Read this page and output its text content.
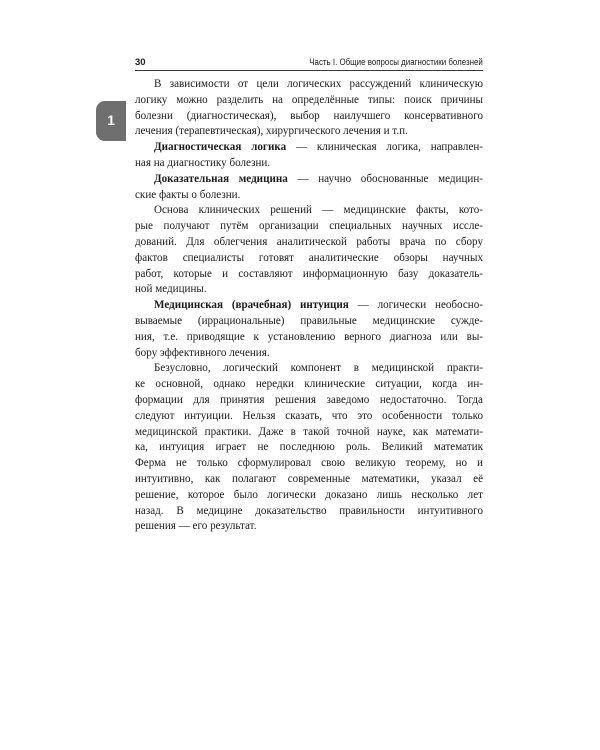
30	Часть I. Общие вопросы диагностики болезней
1
В зависимости от цели логических рассуждений клиническую
логику можно разделить на определённые типы: поиск причины
болезни (диагностическая), выбор наилучшего консервативного
лечения (терапевтическая), хирургического лечения и т.п.
Диагностическая логика — клиническая логика, направлен-
ная на диагностику болезни.
Доказательная медицина — научно обоснованные медицин-
ские факты о болезни.
Основа клинических решений — медицинские факты, кото-
рые получают путём организации специальных научных иссле-
дований. Для облегчения аналитической работы врача по сбору
фактов специалисты готовят аналитические обзоры научных
работ, которые и составляют информационную базу доказатель-
ной медицины.
Медицинская (врачебная) интуиция — логически необосно-
вываемые (иррациональные) правильные медицинские сужде-
ния, т.е. приводящие к установлению верного диагноза или вы-
бору эффективного лечения.
Безусловно, логический компонент в медицинской практи-
ке основной, однако нередки клинические ситуации, когда ин-
формации для принятия решения заведомо недостаточно. Тогда
следуют интуиции. Нельзя сказать, что это особенности только
медицинской практики. Даже в такой точной науке, как математи-
ка, интуиция играет не последнюю роль. Великий математик
Ферма не только сформулировал свою великую теорему, но и
интуитивно, как полагают современные математики, указал её
решение, которое было логически доказано лишь несколько лет
назад. В медицине доказательство правильности интуитивного
решения — его результат.
